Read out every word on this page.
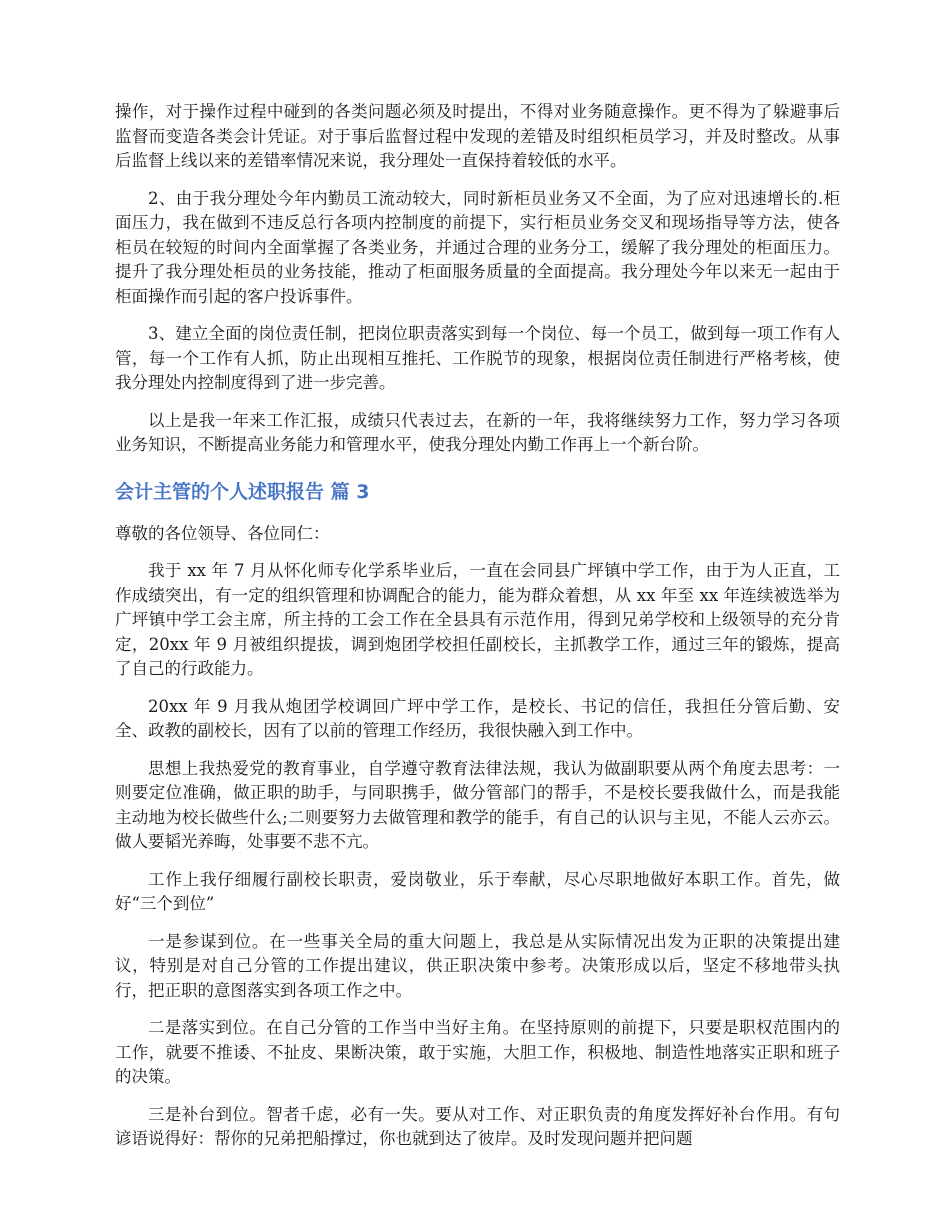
操作，对于操作过程中碰到的各类问题必须及时提出，不得对业务随意操作。更不得为了躲避事后监督而变造各类会计凭证。对于事后监督过程中发现的差错及时组织柜员学习，并及时整改。从事后监督上线以来的差错率情况来说，我分理处一直保持着较低的水平。

2、由于我分理处今年内勤员工流动较大，同时新柜员业务又不全面，为了应对迅速增长的.柜面压力，我在做到不违反总行各项内控制度的前提下，实行柜员业务交叉和现场指导等方法，使各柜员在较短的时间内全面掌握了各类业务，并通过合理的业务分工，缓解了我分理处的柜面压力。提升了我分理处柜员的业务技能，推动了柜面服务质量的全面提高。我分理处今年以来无一起由于柜面操作而引起的客户投诉事件。

3、建立全面的岗位责任制，把岗位职责落实到每一个岗位、每一个员工，做到每一项工作有人管，每一个工作有人抓，防止出现相互推托、工作脱节的现象，根据岗位责任制进行严格考核，使我分理处内控制度得到了进一步完善。

以上是我一年来工作汇报，成绩只代表过去，在新的一年，我将继续努力工作，努力学习各项业务知识，不断提高业务能力和管理水平，使我分理处内勤工作再上一个新台阶。

会计主管的个人述职报告 篇 3

尊敬的各位领导、各位同仁：

我于 xx 年 7 月从怀化师专化学系毕业后，一直在会同县广坪镇中学工作，由于为人正直，工作成绩突出，有一定的组织管理和协调配合的能力，能为群众着想，从 xx 年至 xx 年连续被选举为广坪镇中学工会主席，所主持的工会工作在全县具有示范作用，得到兄弟学校和上级领导的充分肯定，20xx 年 9 月被组织提拔，调到炮团学校担任副校长，主抓教学工作，通过三年的锻炼，提高了自己的行政能力。

20xx 年 9 月我从炮团学校调回广坪中学工作，是校长、书记的信任，我担任分管后勤、安全、政教的副校长，因有了以前的管理工作经历，我很快融入到工作中。

思想上我热爱党的教育事业，自学遵守教育法律法规，我认为做副职要从两个角度去思考：一则要定位准确，做正职的助手，与同职携手，做分管部门的帮手，不是校长要我做什么，而是我能主动地为校长做些什么;二则要努力去做管理和教学的能手，有自己的认识与主见，不能人云亦云。做人要韬光养晦，处事要不悲不亢。

工作上我仔细履行副校长职责，爱岗敬业，乐于奉献，尽心尽职地做好本职工作。首先，做好“三个到位”

一是参谋到位。在一些事关全局的重大问题上，我总是从实际情况出发为正职的决策提出建议，特别是对自己分管的工作提出建议，供正职决策中参考。决策形成以后，坚定不移地带头执行，把正职的意图落实到各项工作之中。

二是落实到位。在自己分管的工作当中当好主角。在坚持原则的前提下，只要是职权范围内的工作，就要不推诿、不扯皮、果断决策，敢于实施，大胆工作，积极地、制造性地落实正职和班子的决策。

三是补台到位。智者千虑，必有一失。要从对工作、对正职负责的角度发挥好补台作用。有句谚语说得好：帮你的兄弟把船撑过，你也就到达了彼岸。及时发现问题并把问题
